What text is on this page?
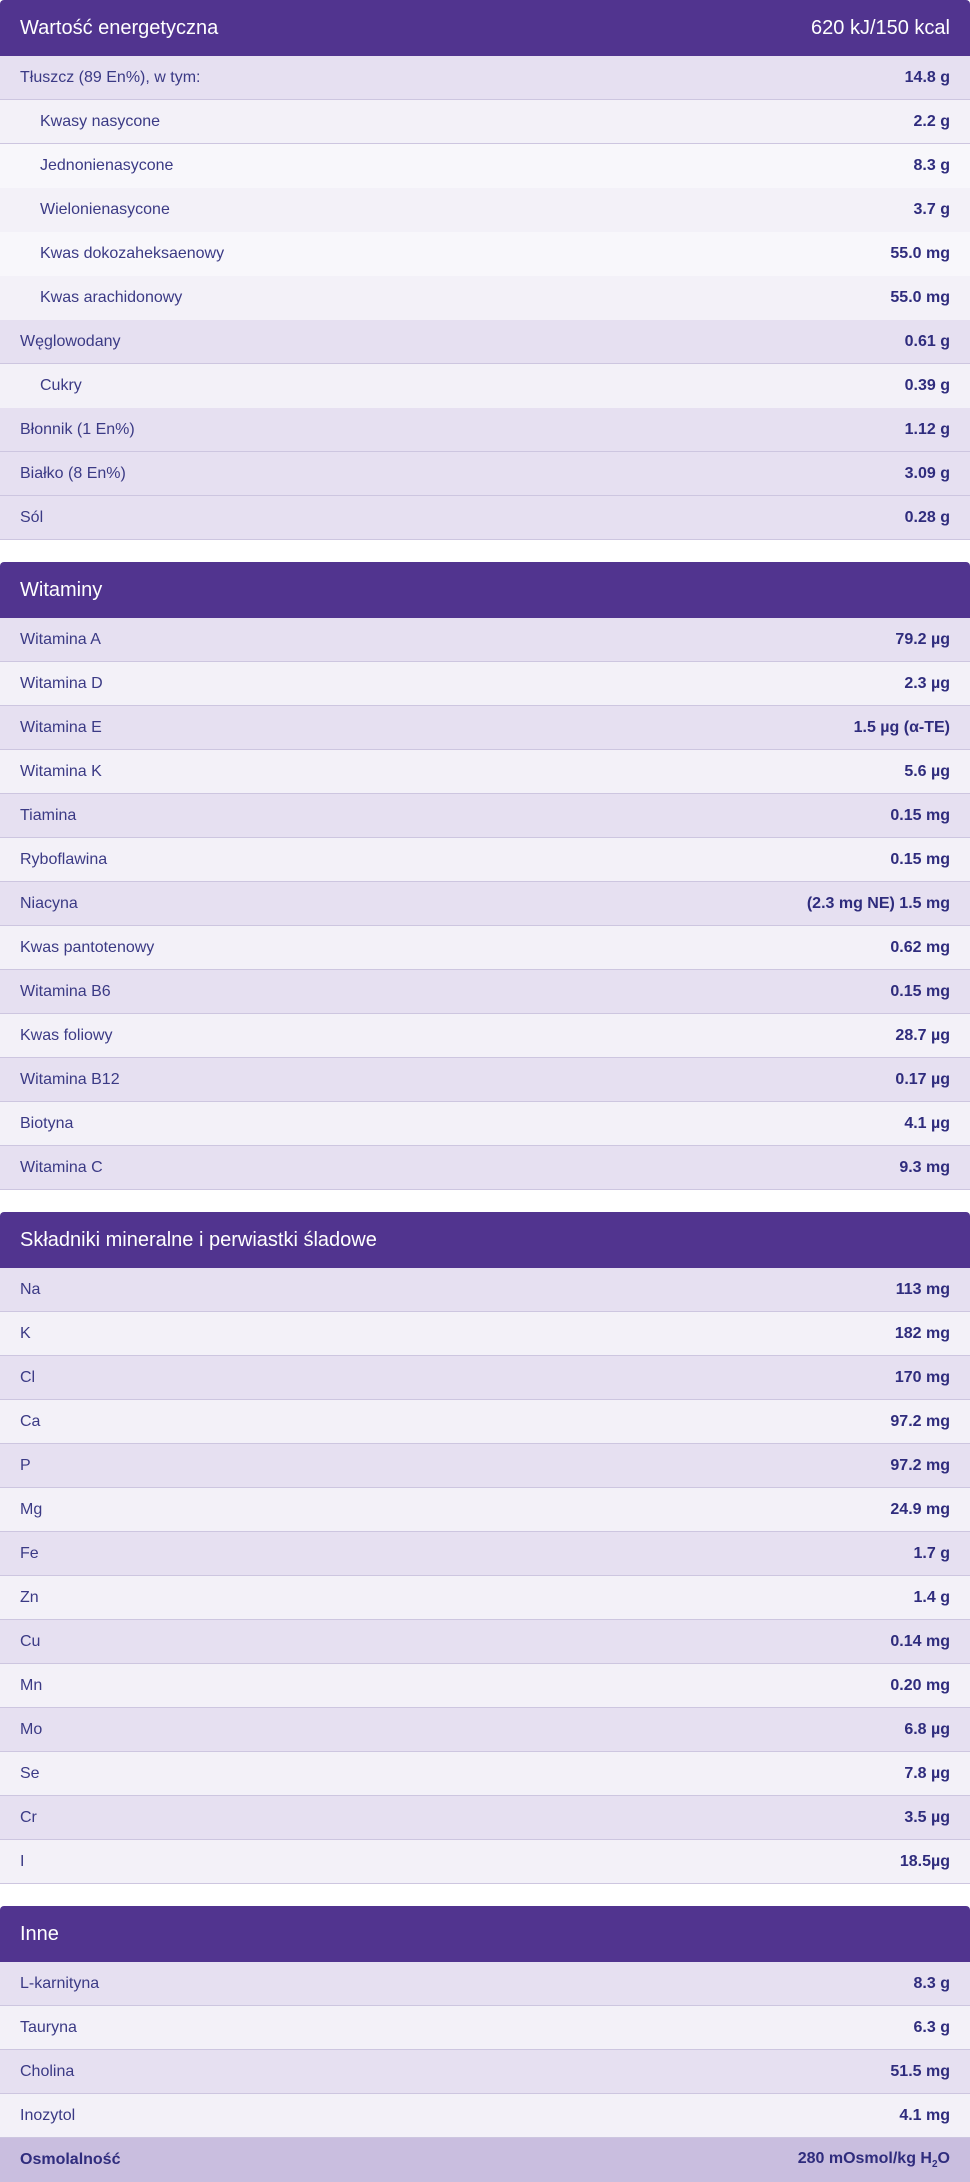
Wartość energetyczna	620 kJ/150 kcal
Tłuszcz (89 En%), w tym:	14.8 g
Kwasy nasycone	2.2 g
Jednonienasycone	8.3 g
Wielonienasycone	3.7 g
Kwas dokozaheksaenowy	55.0 mg
Kwas arachidonowy	55.0 mg
Węglowodany	0.61 g
Cukry	0.39 g
Błonnik (1 En%)	1.12 g
Białko (8 En%)	3.09 g
Sól	0.28 g
Witaminy
Witamina A	79.2 µg
Witamina D	2.3 µg
Witamina E	1.5 µg (α-TE)
Witamina K	5.6 µg
Tiamina	0.15 mg
Ryboflawina	0.15 mg
Niacyna	(2.3 mg NE) 1.5 mg
Kwas pantotenowy	0.62 mg
Witamina B6	0.15 mg
Kwas foliowy	28.7 µg
Witamina B12	0.17 µg
Biotyna	4.1 µg
Witamina C	9.3 mg
Składniki mineralne i perwiastki śladowe
Na	113 mg
K	182 mg
Cl	170 mg
Ca	97.2 mg
P	97.2 mg
Mg	24.9 mg
Fe	1.7 g
Zn	1.4 g
Cu	0.14 mg
Mn	0.20 mg
Mo	6.8 µg
Se	7.8 µg
Cr	3.5 µg
I	18.5µg
Inne
L-karnityna	8.3 g
Tauryna	6.3 g
Cholina	51.5 mg
Inozytol	4.1 mg
Osmolalność	280 mOsmol/kg $H_2O$
